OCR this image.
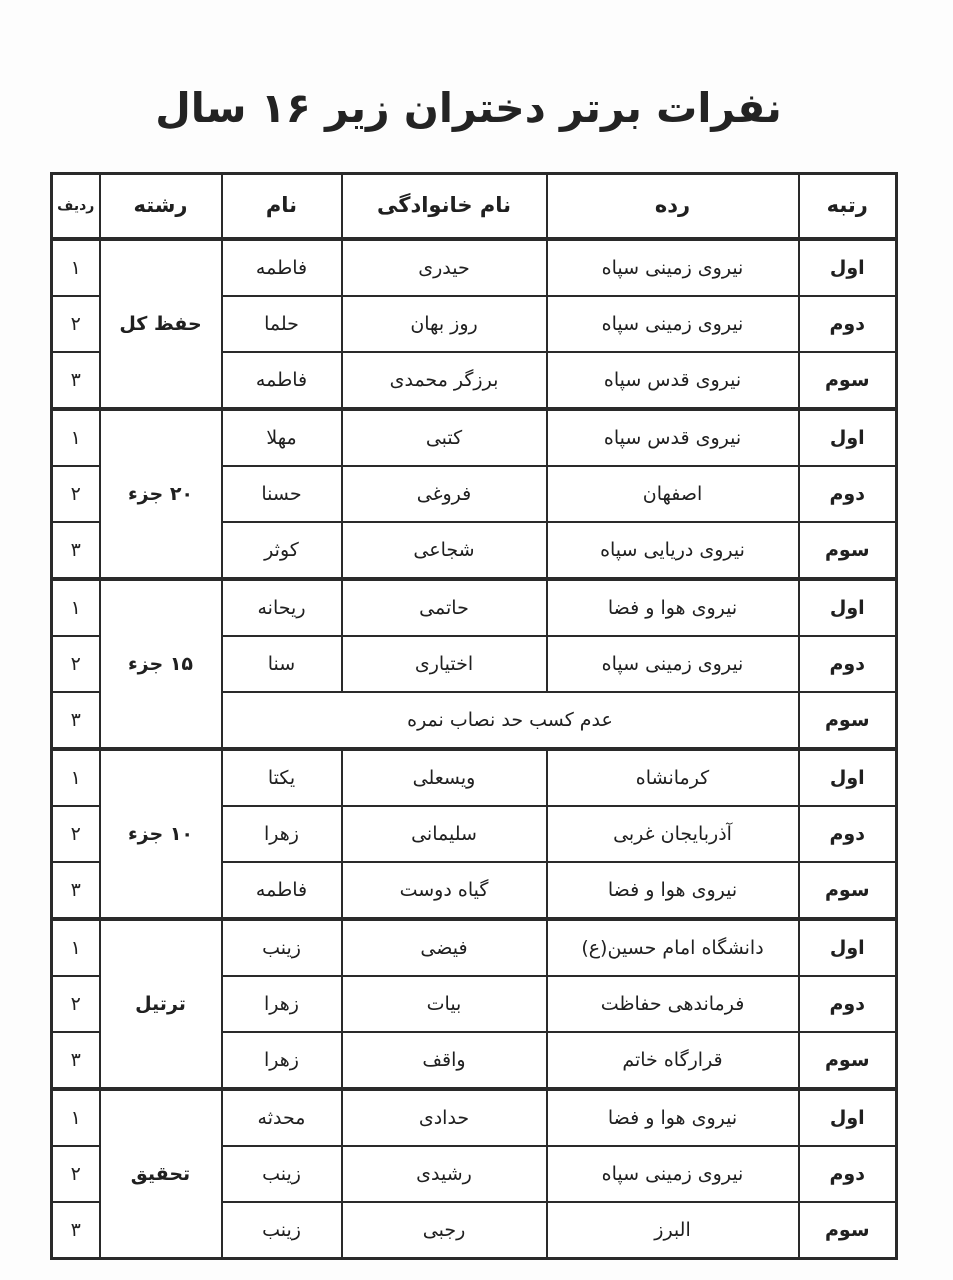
نفرات برتر دختران زیر ۱۶ سال
رتبه	رده	نام خانوادگی	نام	رشته	ردیف
اول	نیروی زمینی سپاه	حیدری	فاطمه	حفظ کل	۱
دوم	نیروی زمینی سپاه	روز بهان	حلما		۲
سوم	نیروی قدس سپاه	برزگر محمدی	فاطمه		۳
اول	نیروی قدس سپاه	کتبی	مهلا	۲۰ جزء	۱
دوم	اصفهان	فروغی	حسنا		۲
سوم	نیروی دریایی سپاه	شجاعی	کوثر		۳
اول	نیروی هوا و فضا	حاتمی	ریحانه	۱۵ جزء	۱
دوم	نیروی زمینی سپاه	اختیاری	سنا		۲
سوم	عدم کسب حد نصاب نمره				۳
اول	کرمانشاه	ویسعلی	یکتا	۱۰ جزء	۱
دوم	آذربایجان غربی	سلیمانی	زهرا		۲
سوم	نیروی هوا و فضا	گیاه دوست	فاطمه		۳
اول	دانشگاه امام حسین(ع)	فیضی	زینب	ترتیل	۱
دوم	فرماندهی حفاظت	بیات	زهرا		۲
سوم	قرارگاه خاتم	واقف	زهرا		۳
اول	نیروی هوا و فضا	حدادی	محدثه	تحقیق	۱
دوم	نیروی زمینی سپاه	رشیدی	زینب		۲
سوم	البرز	رجبی	زینب		۳
